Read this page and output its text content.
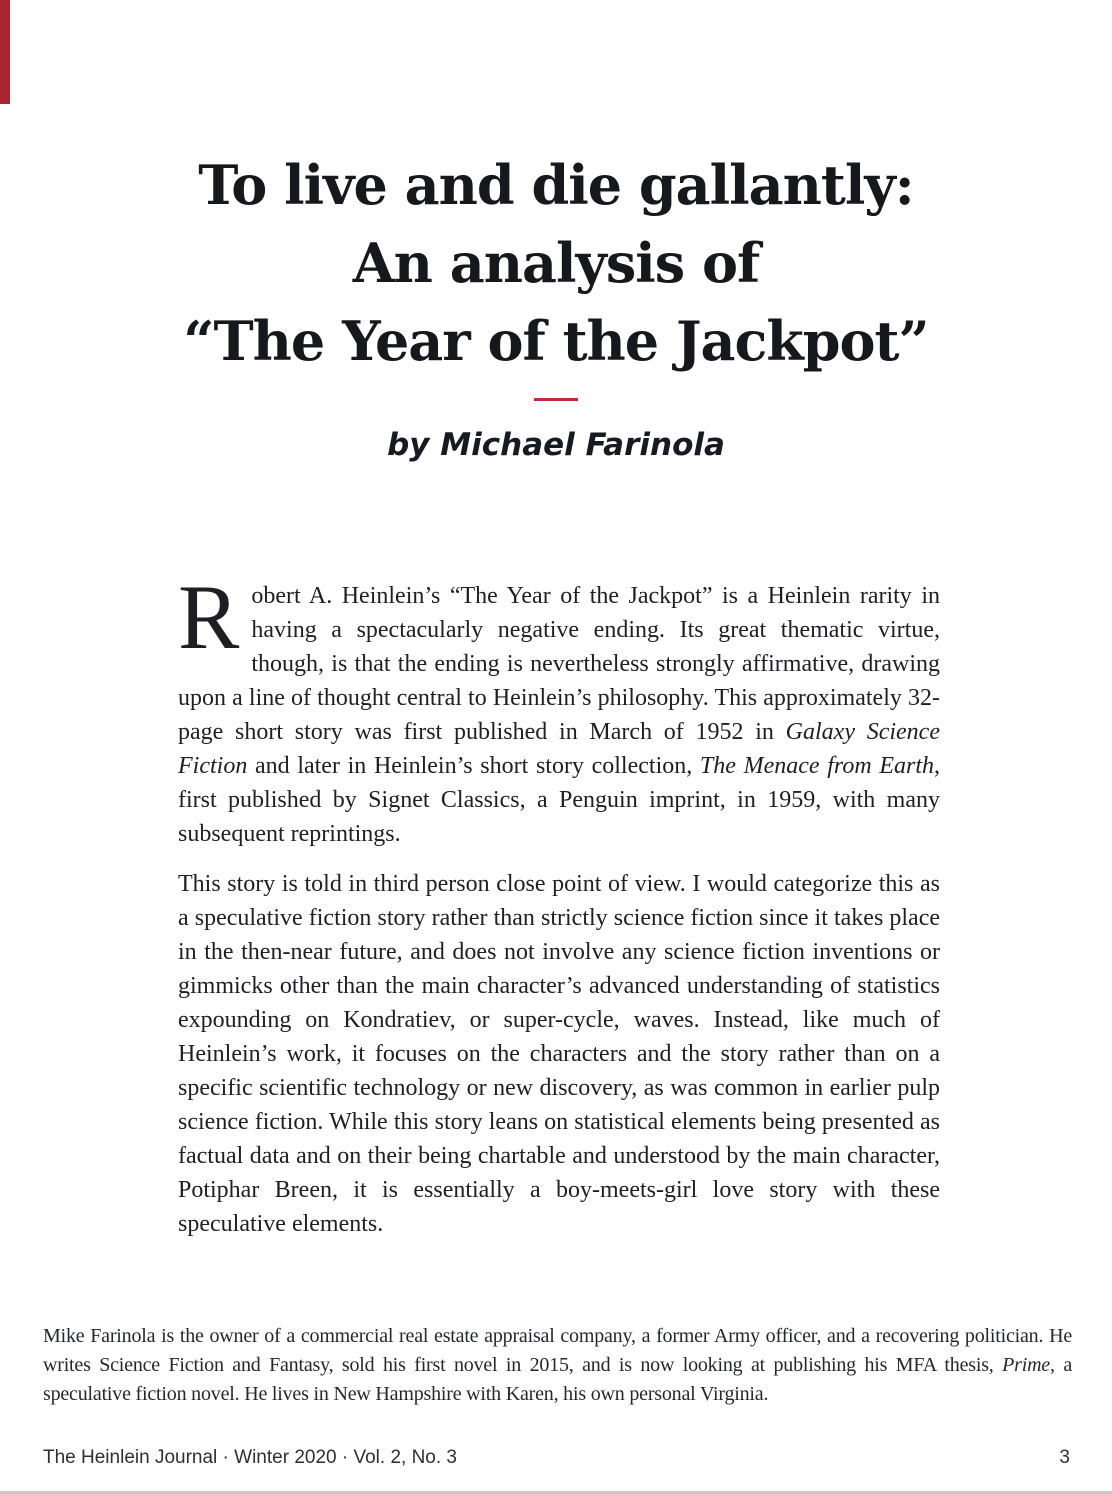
To live and die gallantly:
An analysis of
“The Year of the Jackpot”
by Michael Farinola

Robert A. Heinlein’s “The Year of the Jackpot” is a Heinlein rarity in having a spectacularly negative ending. Its great thematic virtue, though, is that the ending is nevertheless strongly affirmative, drawing upon a line of thought central to Heinlein’s philosophy. This approximately 32-page short story was first published in March of 1952 in Galaxy Science Fiction and later in Heinlein’s short story collection, The Menace from Earth, first published by Signet Classics, a Penguin imprint, in 1959, with many subsequent reprintings.

This story is told in third person close point of view. I would categorize this as a speculative fiction story rather than strictly science fiction since it takes place in the then-near future, and does not involve any science fiction inventions or gimmicks other than the main character’s advanced understanding of statistics expounding on Kondratiev, or super-cycle, waves. Instead, like much of Heinlein’s work, it focuses on the characters and the story rather than on a specific scientific technology or new discovery, as was common in earlier pulp science fiction. While this story leans on statistical elements being presented as factual data and on their being chartable and understood by the main character, Potiphar Breen, it is essentially a boy-meets-girl love story with these speculative elements.

Mike Farinola is the owner of a commercial real estate appraisal company, a former Army officer, and a recovering politician. He writes Science Fiction and Fantasy, sold his first novel in 2015, and is now looking at publishing his MFA thesis, Prime, a speculative fiction novel. He lives in New Hampshire with Karen, his own personal Virginia.

The Heinlein Journal · Winter 2020 · Vol. 2, No. 3	3
